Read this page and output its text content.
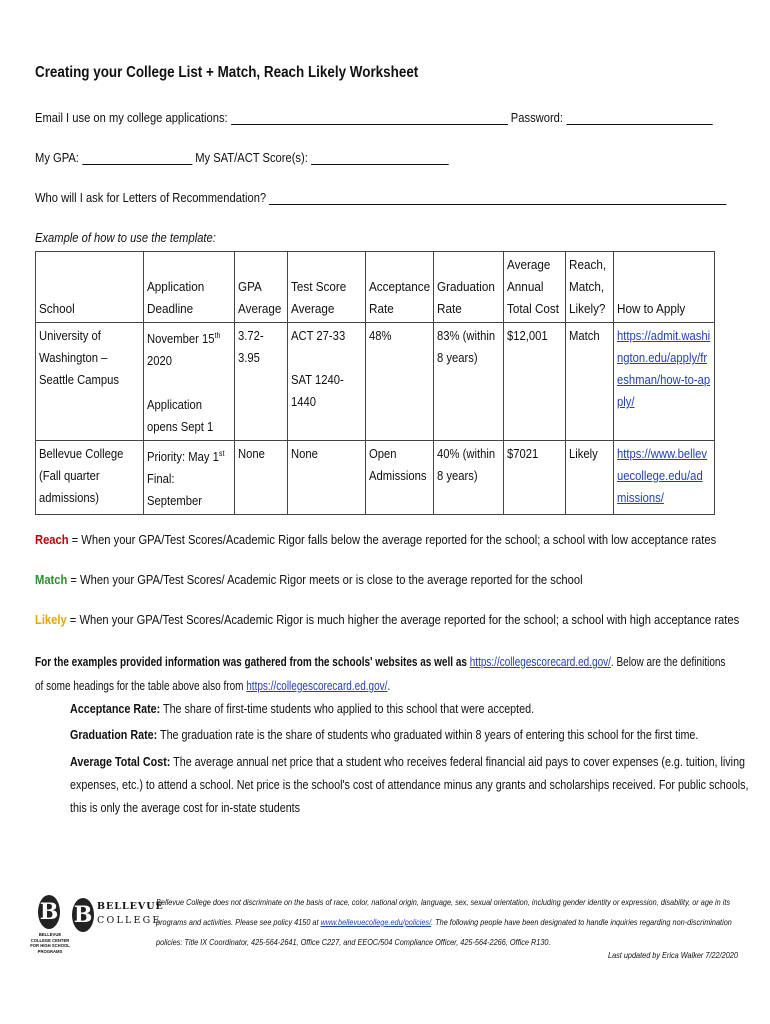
Creating your College List + Match, Reach Likely Worksheet
Email I use on my college applications:	Password:
My GPA:	My SAT/ACT Score(s):
Who will I ask for Letters of Recommendation?
Example of how to use the template:
School	Application Deadline	GPA Average	Test Score Average	Acceptance Rate	Graduation Rate	Average Annual Total Cost	Reach, Match, Likely?	How to Apply

University of Washington – Seattle Campus	November 15th
2020

Application opens Sept 1	3.72-3.95	ACT 27-33

SAT 1240-1440	48%	83% (within 8 years)	$12,001	Match	https://admit.washington.edu/apply/freshman/how-to-apply/

Bellevue College (Fall quarter admissions)	Priority: May 1st
Final: September	None	None	Open Admissions	40% (within 8 years)	$7021	Likely	https://www.bellevuecollege.edu/admissions/
Reach = When your GPA/Test Scores/Academic Rigor falls below the average reported for the school; a school with low acceptance rates
Match = When your GPA/Test Scores/ Academic Rigor meets or is close to the average reported for the school
Likely = When your GPA/Test Scores/Academic Rigor is much higher the average reported for the school; a school with high acceptance rates
For the examples provided information was gathered from the schools' websites as well as https://collegescorecard.ed.gov/. Below are the definitions
of some headings for the table above also from https://collegescorecard.ed.gov/.
Acceptance Rate: The share of first-time students who applied to this school that were accepted.
Graduation Rate: The graduation rate is the share of students who graduated within 8 years of entering this school for the first time.
Average Total Cost: The average annual net price that a student who receives federal financial aid pays to cover expenses (e.g. tuition, living
expenses, etc.) to attend a school. Net price is the school's cost of attendance minus any grants and scholarships received. For public schools,
this is only the average cost for in-state students
B
BELLEVUE COLLEGE CENTER FOR HIGH SCHOOL PROGRAMS
B BELLEVUE
COLLEGE
Bellevue College does not discriminate on the basis of race, color, national origin, language, sex, sexual orientation, including gender identity or expression, disability, or age in its
programs and activities. Please see policy 4150 at www.bellevuecollege.edu/policies/. The following people have been designated to handle inquiries regarding non-discrimination
policies: Title IX Coordinator, 425-564-2641, Office C227, and EEOC/504 Compliance Officer, 425-564-2266, Office R130.
Last updated by Erica Walker 7/22/2020
